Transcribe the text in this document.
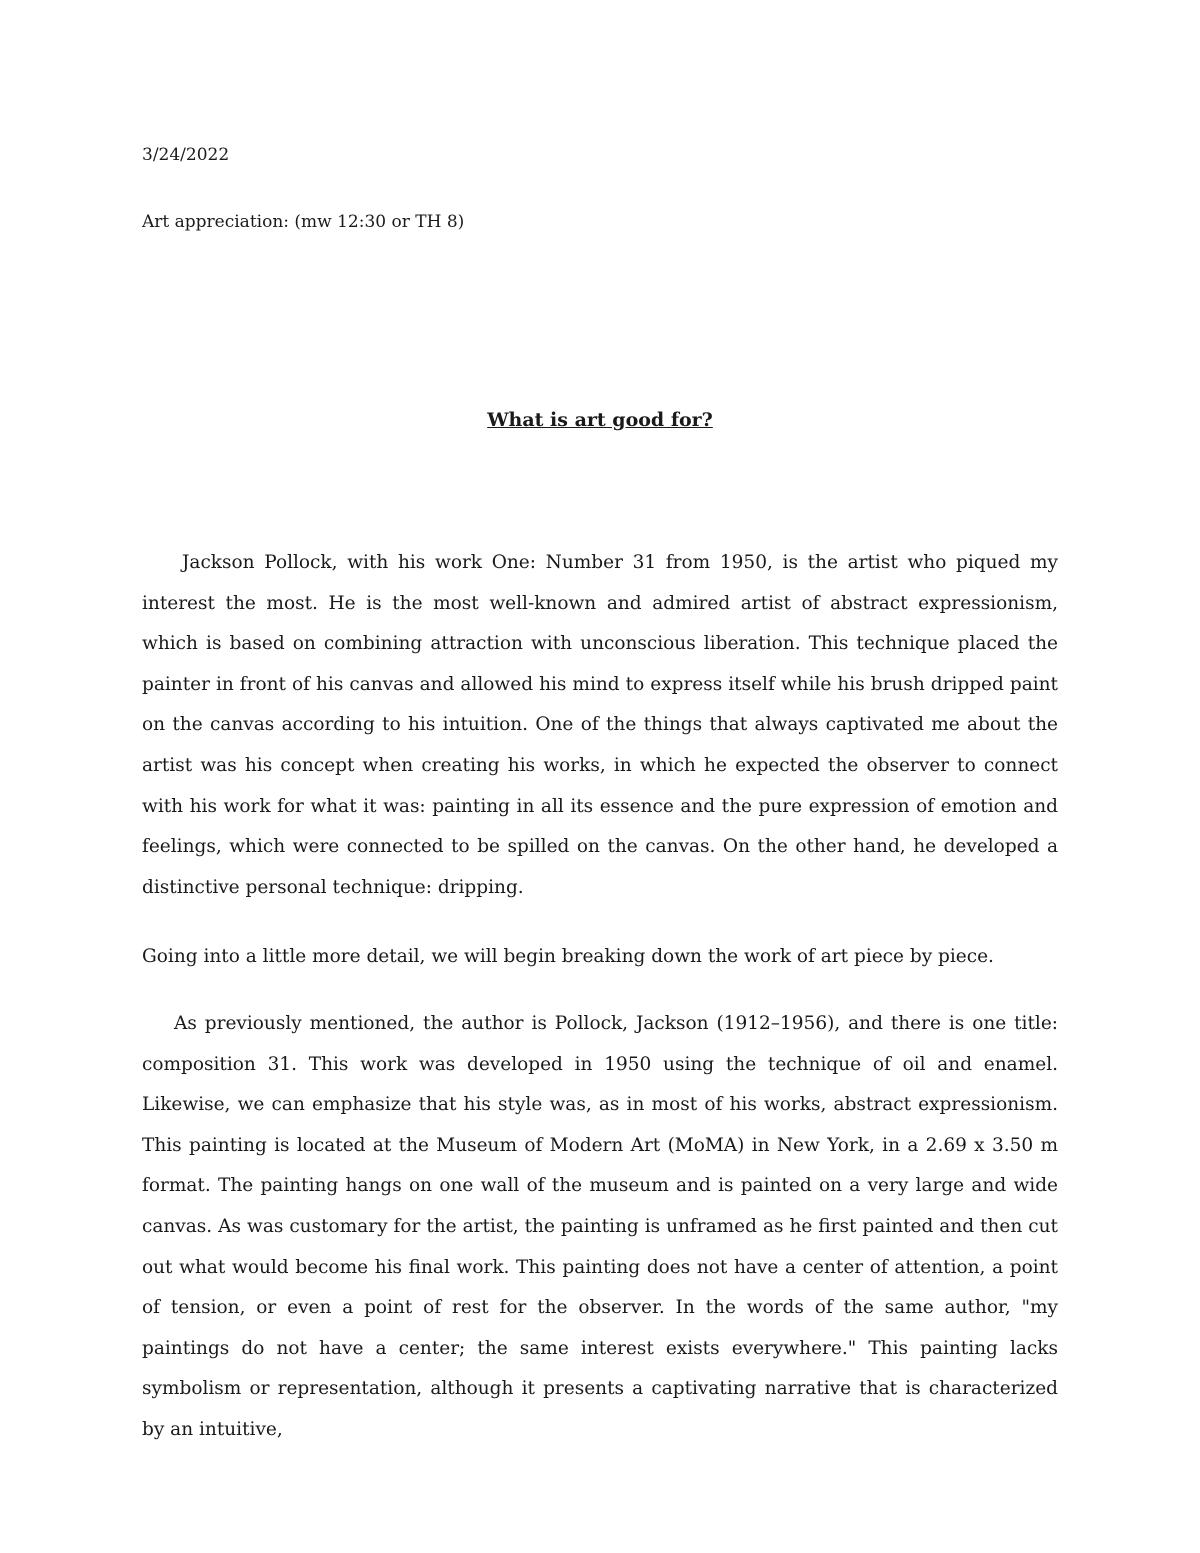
3/24/2022
Art appreciation: (mw 12:30 or TH 8)
What is art good for?

Jackson Pollock, with his work One: Number 31 from 1950, is the artist who piqued my interest the most. He is the most well-known and admired artist of abstract expressionism, which is based on combining attraction with unconscious liberation. This technique placed the painter in front of his canvas and allowed his mind to express itself while his brush dripped paint on the canvas according to his intuition. One of the things that always captivated me about the artist was his concept when creating his works, in which he expected the observer to connect with his work for what it was: painting in all its essence and the pure expression of emotion and feelings, which were connected to be spilled on the canvas. On the other hand, he developed a distinctive personal technique: dripping.

Going into a little more detail, we will begin breaking down the work of art piece by piece.

As previously mentioned, the author is Pollock, Jackson (1912–1956), and there is one title: composition 31. This work was developed in 1950 using the technique of oil and enamel. Likewise, we can emphasize that his style was, as in most of his works, abstract expressionism. This painting is located at the Museum of Modern Art (MoMA) in New York, in a 2.69 x 3.50 m format. The painting hangs on one wall of the museum and is painted on a very large and wide canvas. As was customary for the artist, the painting is unframed as he first painted and then cut out what would become his final work. This painting does not have a center of attention, a point of tension, or even a point of rest for the observer. In the words of the same author, "my paintings do not have a center; the same interest exists everywhere." This painting lacks symbolism or representation, although it presents a captivating narrative that is characterized by an intuitive,
